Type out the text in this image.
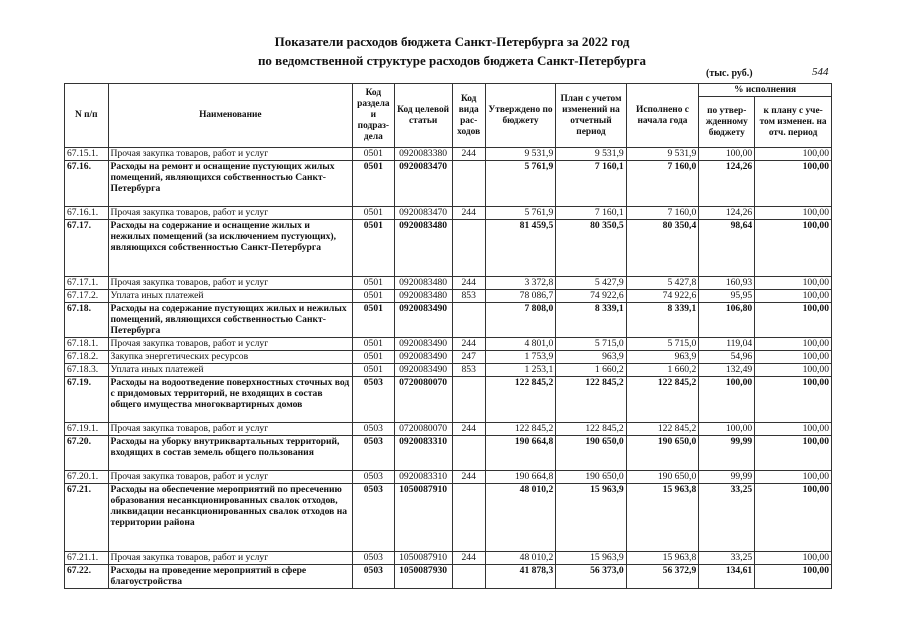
Показатели расходов бюджета Санкт-Петербурга за 2022 год
по ведомственной структуре расходов бюджета Санкт-Петербурга
(тыс. руб.)	544
N п/п	Наименование	Код раздела и подраз-дела	Код целевой статьи	Код вида рас-ходов	Утверждено по бюджету	План с учетом изменений на отчетный период	Исполнено с начала года	% исполнения	
								по утвер-жденному бюджету	к плану с уче-том изменен. на отч. период
67.15.1.	Прочая закупка товаров, работ и услуг	0501	0920083380	244	9 531,9	9 531,9	9 531,9	100,00	100,00
67.16.	Расходы на ремонт и оснащение пустующих жилых помещений, являющихся собственностью Санкт-Петербурга	0501	0920083470		5 761,9	7 160,1	7 160,0	124,26	100,00
67.16.1.	Прочая закупка товаров, работ и услуг	0501	0920083470	244	5 761,9	7 160,1	7 160,0	124,26	100,00
67.17.	Расходы на содержание и оснащение жилых и нежилых помещений (за исключением пустующих), являющихся собственностью Санкт-Петербурга	0501	0920083480		81 459,5	80 350,5	80 350,4	98,64	100,00
67.17.1.	Прочая закупка товаров, работ и услуг	0501	0920083480	244	3 372,8	5 427,9	5 427,8	160,93	100,00
67.17.2.	Уплата иных платежей	0501	0920083480	853	78 086,7	74 922,6	74 922,6	95,95	100,00
67.18.	Расходы на содержание пустующих жилых и нежилых помещений, являющихся собственностью Санкт-Петербурга	0501	0920083490		7 808,0	8 339,1	8 339,1	106,80	100,00
67.18.1.	Прочая закупка товаров, работ и услуг	0501	0920083490	244	4 801,0	5 715,0	5 715,0	119,04	100,00
67.18.2.	Закупка энергетических ресурсов	0501	0920083490	247	1 753,9	963,9	963,9	54,96	100,00
67.18.3.	Уплата иных платежей	0501	0920083490	853	1 253,1	1 660,2	1 660,2	132,49	100,00
67.19.	Расходы на водоотведение поверхностных сточных вод с придомовых территорий, не входящих в состав общего имущества многоквартирных домов	0503	0720080070		122 845,2	122 845,2	122 845,2	100,00	100,00
67.19.1.	Прочая закупка товаров, работ и услуг	0503	0720080070	244	122 845,2	122 845,2	122 845,2	100,00	100,00
67.20.	Расходы на уборку внутриквартальных территорий, входящих в состав земель общего пользования	0503	0920083310		190 664,8	190 650,0	190 650,0	99,99	100,00
67.20.1.	Прочая закупка товаров, работ и услуг	0503	0920083310	244	190 664,8	190 650,0	190 650,0	99,99	100,00
67.21.	Расходы на обеспечение мероприятий по пресечению образования несанкционированных свалок отходов, ликвидации несанкционированных свалок отходов на территории района	0503	1050087910		48 010,2	15 963,9	15 963,8	33,25	100,00
67.21.1.	Прочая закупка товаров, работ и услуг	0503	1050087910	244	48 010,2	15 963,9	15 963,8	33,25	100,00
67.22.	Расходы на проведение мероприятий в сфере благоустройства	0503	1050087930		41 878,3	56 373,0	56 372,9	134,61	100,00
